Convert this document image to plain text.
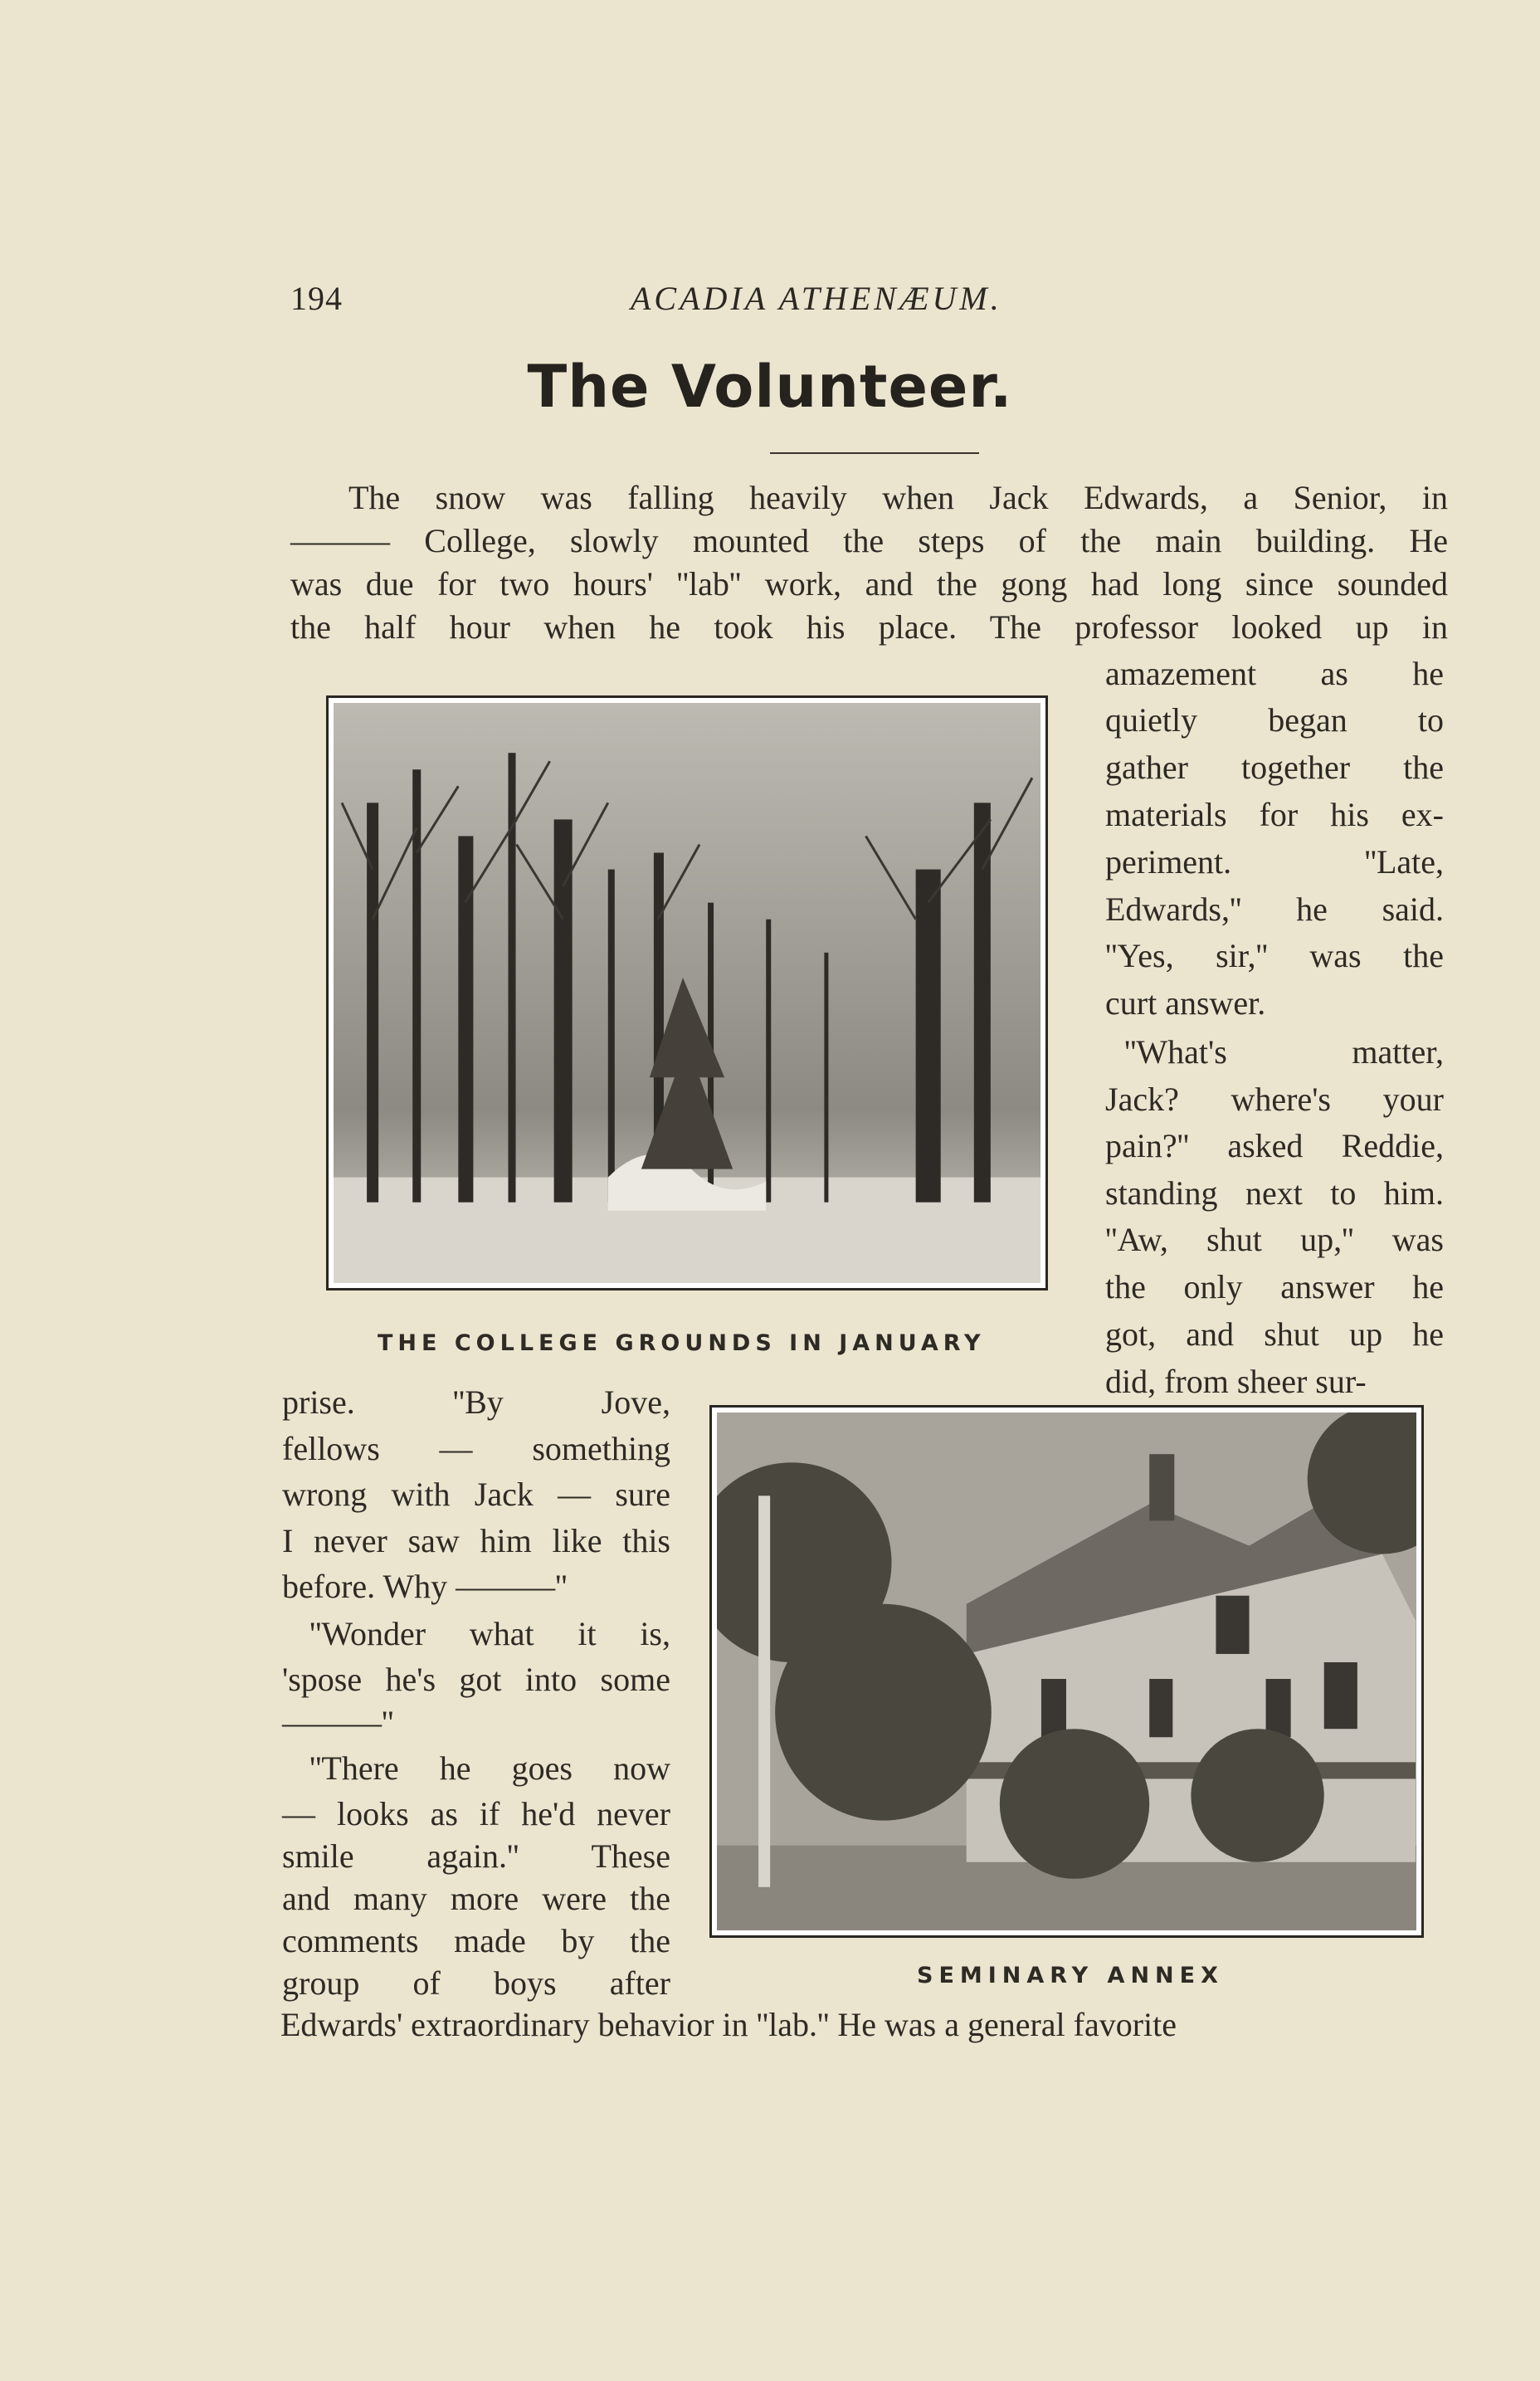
194	ACADIA ATHENÆUM.
The Volunteer.
The snow was falling heavily when Jack Edwards, a Senior, in
——— College, slowly mounted the steps of the main building. He
was due for two hours' ''lab'' work, and the gong had long since sounded
the half hour when he took his place. The professor looked up in
amazement as he
quietly began to
gather together the
materials for his ex-
periment. ''Late,
Edwards,'' he said.
''Yes, sir,'' was the
curt answer.
''What's matter,
Jack? where's your
pain?'' asked Reddie,
standing next to him.
''Aw, shut up,'' was
the only answer he
got, and shut up he
did, from sheer sur-
THE COLLEGE GROUNDS IN JANUARY
SEMINARY ANNEX
prise. ''By Jove,
fellows — something
wrong with Jack — sure
I never saw him like this
before. Why ———''
''Wonder what it is,
'spose he's got into some
———''
''There he goes now
— looks as if he'd never
smile again.'' These
and many more were the
comments made by the
group of boys after
Edwards' extraordinary behavior in ''lab.'' He was a general favorite
